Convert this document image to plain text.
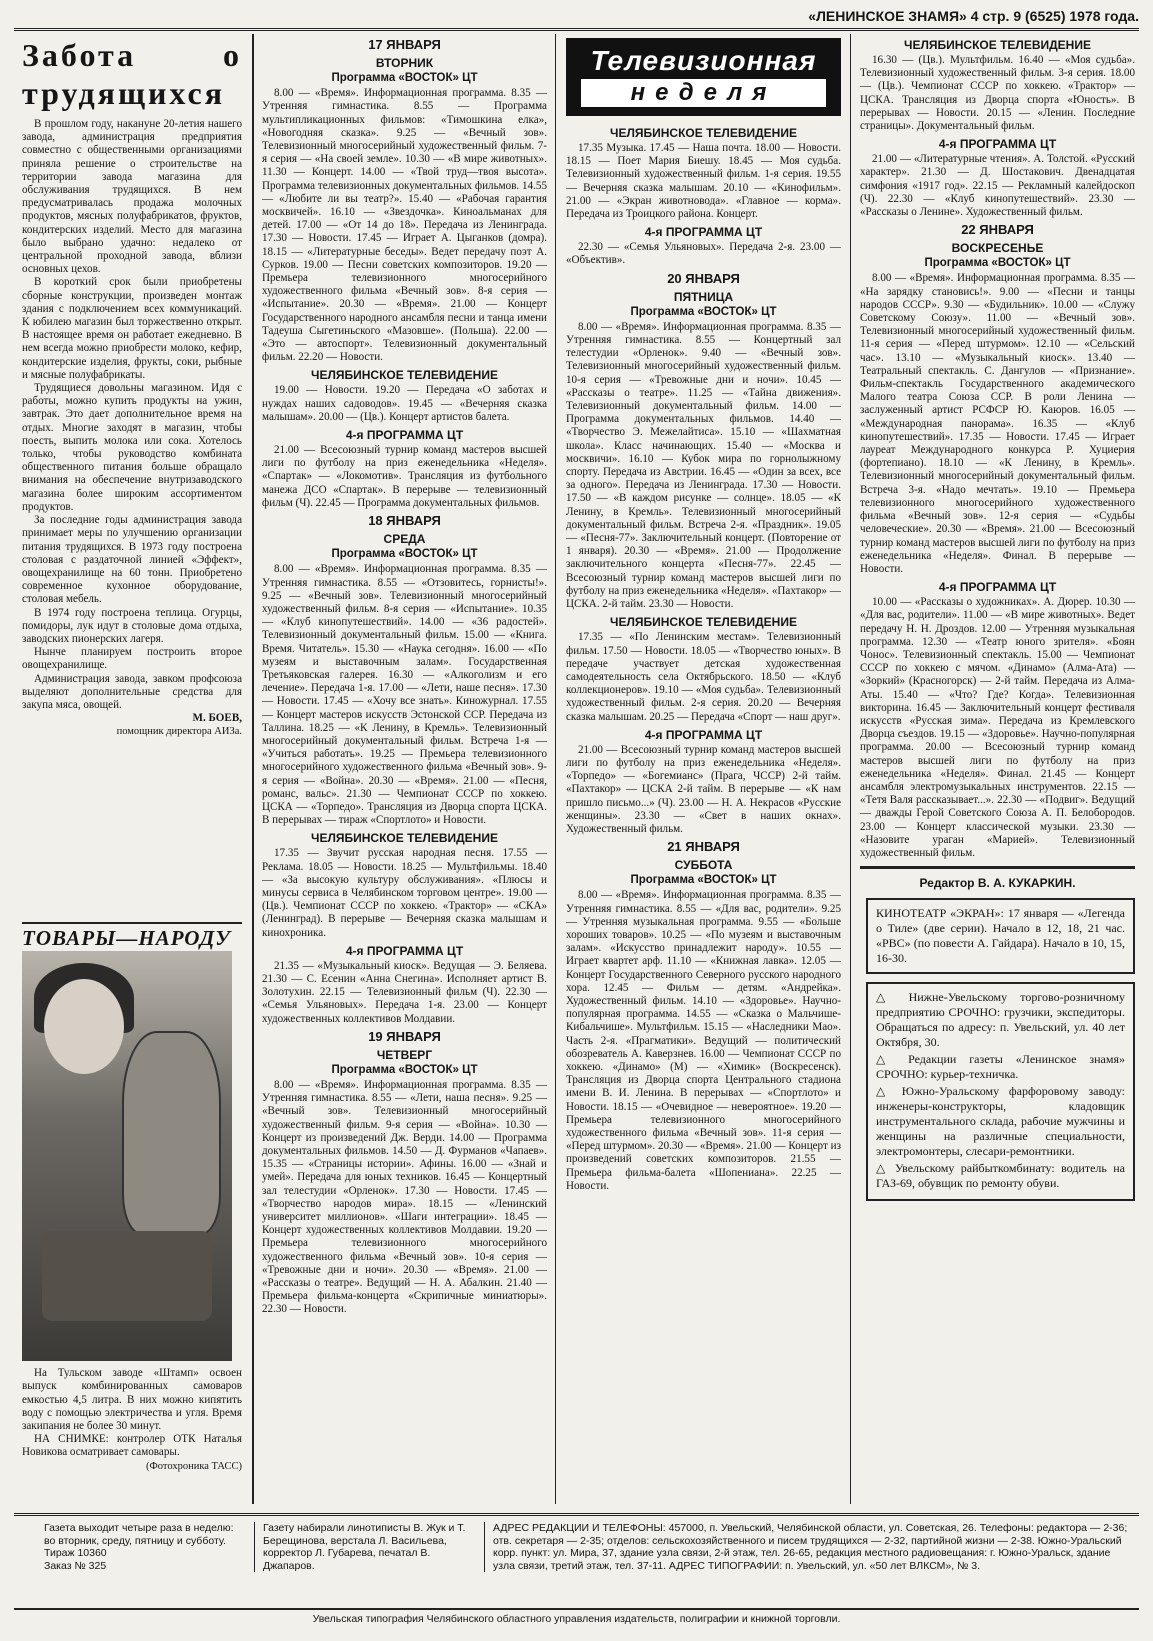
«ЛЕНИНСКОЕ ЗНАМЯ» 4 стр. 9 (6525) 1978 года.
Забота о трудящихся

В прошлом году, накануне 20-летия нашего завода, администрация предприятия совместно с общественными организациями приняла решение о строительстве на территории завода магазина для обслуживания трудящихся. В нем предусматривалась продажа молочных продуктов, мясных полуфабрикатов, фруктов, кондитерских изделий. Место для магазина было выбрано удачно: недалеко от центральной проходной завода, вблизи основных цехов.

В короткий срок были приобретены сборные конструкции, произведен монтаж здания с подключением всех коммуникаций. К юбилею магазин был торжественно открыт. В настоящее время он работает ежедневно. В нем всегда можно приобрести молоко, кефир, кондитерские изделия, фрукты, соки, рыбные и мясные полуфабрикаты.

Трудящиеся довольны магазином. Идя с работы, можно купить продукты на ужин, завтрак. Это дает дополнительное время на отдых. Многие заходят в магазин, чтобы поесть, выпить молока или сока. Хотелось только, чтобы руководство комбината общественного питания больше обращало внимания на обеспечение внутризаводского магазина более широким ассортиментом продуктов.

За последние годы администрация завода принимает меры по улучшению организации питания трудящихся. В 1973 году построена столовая с раздаточной линией «Эффект», овощехранилище на 60 тонн. Приобретено современное кухонное оборудование, столовая мебель.

В 1974 году построена теплица. Огурцы, помидоры, лук идут в столовые дома отдыха, заводских пионерских лагеря.

Нынче планируем построить второе овощехранилище.

Администрация завода, завком профсоюза выделяют дополнительные средства для закупа мяса, овощей.

М. БОЕВ,
помощник директора АИЗа.
ТОВАРЫ—НАРОДУ

На Тульском заводе «Штамп» освоен выпуск комбинированных самоваров емкостью 4,5 литра. В них можно кипятить воду с помощью электричества и угля. Время закипания не более 30 минут.

НА СНИМКЕ: контролер ОТК Наталья Новикова осматривает самовары.

(Фотохроника ТАСС)
17 ЯНВАРЯ
ВТОРНИК
Программа «ВОСТОК» ЦТ
8.00 — «Время». Информационная программа. 8.35 — Утренняя гимнастика. 8.55 — Программа мультипликационных фильмов: «Тимошкина елка», «Новогодняя сказка». 9.25 — «Вечный зов». Телевизионный многосерийный художественный фильм. 7-я серия — «На своей земле». 10.30 — «В мире животных». 11.30 — Концерт. 14.00 — «Твой труд—твоя высота». Программа телевизионных документальных фильмов. 14.55 — «Любите ли вы театр?». 15.40 — «Рабочая гарантия москвичей». 16.10 — «Звездочка». Киноальманах для детей. 17.00 — «От 14 до 18». Передача из Ленинграда. 17.30 — Новости. 17.45 — Играет А. Цыганков (домра). 18.15 — «Литературные беседы». Ведет передачу поэт А. Сурков. 19.00 — Песни советских композиторов. 19.20 — Премьера телевизионного многосерийного художественного фильма «Вечный зов». 8-я серия — «Испытание». 20.30 — «Время». 21.00 — Концерт Государственного народного ансамбля песни и танца имени Тадеуша Сыгетиньского «Мазовше». (Польша). 22.00 — «Это — автоспорт». Телевизионный документальный фильм. 22.20 — Новости.
ЧЕЛЯБИНСКОЕ ТЕЛЕВИДЕНИЕ
19.00 — Новости. 19.20 — Передача «О заботах и нуждах наших садоводов». 19.45 — «Вечерняя сказка малышам». 20.00 — (Цв.). Концерт артистов балета.
4-я ПРОГРАММА ЦТ
21.00 — Всесоюзный турнир команд мастеров высшей лиги по футболу на приз еженедельника «Неделя». «Спартак» — «Локомотив». Трансляция из футбольного манежа ДСО «Спартак». В перерыве — телевизионный фильм (Ч). 22.45 — Программа документальных фильмов.
18 ЯНВАРЯ
СРЕДА
Программа «ВОСТОК» ЦТ
8.00 — «Время». Информационная программа. 8.35 — Утренняя гимнастика. 8.55 — «Отзовитесь, горнисты!». 9.25 — «Вечный зов». Телевизионный многосерийный художественный фильм. 8-я серия — «Испытание». 10.35 — «Клуб кинопутешествий». 14.00 — «36 радостей». Телевизионный документальный фильм. 15.00 — «Книга. Время. Читатель». 15.30 — «Наука сегодня». 16.00 — «По музеям и выставочным залам». Государственная Третьяковская галерея. 16.30 — «Алкоголизм и его лечение». Передача 1-я. 17.00 — «Лети, наше песня». 17.30 — Новости. 17.45 — «Хочу все знать». Киножурнал. 17.55 — Концерт мастеров искусств Эстонской ССР. Передача из Таллина. 18.25 — «К Ленину, в Кремль». Телевизионный многосерийный документальный фильм. Встреча 1-я — «Учиться работать». 19.25 — Премьера телевизионного многосерийного художественного фильма «Вечный зов». 9-я серия — «Война». 20.30 — «Время». 21.00 — «Песня, романс, вальс». 21.30 — Чемпионат СССР по хоккею. ЦСКА — «Торпедо». Трансляция из Дворца спорта ЦСКА. В перерывах — тираж «Спортлото» и Новости.
ЧЕЛЯБИНСКОЕ ТЕЛЕВИДЕНИЕ
17.35 — Звучит русская народная песня. 17.55 — Реклама. 18.05 — Новости. 18.25 — Мультфильмы. 18.40 — «За высокую культуру обслуживания». «Плюсы и минусы сервиса в Челябинском торговом центре». 19.00 — (Цв.). Чемпионат СССР по хоккею. «Трактор» — «СКА» (Ленинград). В перерыве — Вечерняя сказка малышам и кинохроника.
4-я ПРОГРАММА ЦТ
21.35 — «Музыкальный киоск». Ведущая — Э. Беляева. 21.30 — С. Есенин «Анна Снегина». Исполняет артист В. Золотухин. 22.15 — Телевизионный фильм (Ч). 22.30 — «Семья Ульяновых». Передача 1-я. 23.00 — Концерт художественных коллективов Молдавии.
19 ЯНВАРЯ
ЧЕТВЕРГ
Программа «ВОСТОК» ЦТ
8.00 — «Время». Информационная программа. 8.35 — Утренняя гимнастика. 8.55 — «Лети, наша песня». 9.25 — «Вечный зов». Телевизионный многосерийный художественный фильм. 9-я серия — «Война». 10.30 — Концерт из произведений Дж. Верди. 14.00 — Программа документальных фильмов. 14.50 — Д. Фурманов «Чапаев». 15.35 — «Страницы истории». Афины. 16.00 — «Знай и умей». Передача для юных техников. 16.45 — Концертный зал телестудии «Орленок». 17.30 — Новости. 17.45 — «Творчество народов мира». 18.15 — «Ленинский университет миллионов». «Шаги интеграции». 18.45 — Концерт художественных коллективов Молдавии. 19.20 — Премьера телевизионного многосерийного художественного фильма «Вечный зов». 10-я серия — «Тревожные дни и ночи». 20.30 — «Время». 21.00 — «Рассказы о театре». Ведущий — Н. А. Абалкин. 21.40 — Премьера фильма-концерта «Скрипичные миниатюры». 22.30 — Новости.
Телевизионная
неделя
ЧЕЛЯБИНСКОЕ ТЕЛЕВИДЕНИЕ
17.35 Музыка. 17.45 — Наша почта. 18.00 — Новости. 18.15 — Поет Мария Биешу. 18.45 — Моя судьба. Телевизионный художественный фильм. 1-я серия. 19.55 — Вечерняя сказка малышам. 20.10 — «Кинофильм». 21.00 — «Экран животновода». «Главное — корма». Передача из Троицкого района. Концерт.
4-я ПРОГРАММА ЦТ
22.30 — «Семья Ульяновых». Передача 2-я. 23.00 — «Объектив».
20 ЯНВАРЯ
ПЯТНИЦА
Программа «ВОСТОК» ЦТ
8.00 — «Время». Информационная программа. 8.35 — Утренняя гимнастика. 8.55 — Концертный зал телестудии «Орленок». 9.40 — «Вечный зов». Телевизионный многосерийный художественный фильм. 10-я серия — «Тревожные дни и ночи». 10.45 — «Рассказы о театре». 11.25 — «Тайна движения». Телевизионный документальный фильм. 14.00 — Программа документальных фильмов. 14.40 — «Творчество Э. Межелайтиса». 15.10 — «Шахматная школа». Класс начинающих. 15.40 — «Москва и москвичи». 16.10 — Кубок мира по горнолыжному спорту. Передача из Австрии. 16.45 — «Один за всех, все за одного». Передача из Ленинграда. 17.30 — Новости. 17.50 — «В каждом рисунке — солнце». 18.05 — «К Ленину, в Кремль». Телевизионный многосерийный документальный фильм. Встреча 2-я. «Праздник». 19.05 — «Песня-77». Заключительный концерт. (Повторение от 1 января). 20.30 — «Время». 21.00 — Продолжение заключительного концерта «Песня-77». 22.45 — Всесоюзный турнир команд мастеров высшей лиги по футболу на приз еженедельника «Неделя». «Пахтакор» — ЦСКА. 2-й тайм. 23.30 — Новости.
ЧЕЛЯБИНСКОЕ ТЕЛЕВИДЕНИЕ
17.35 — «По Ленинским местам». Телевизионный фильм. 17.50 — Новости. 18.05 — «Творчество юных». В передаче участвует детская художественная самодеятельность села Октябрьского. 18.50 — «Клуб коллекционеров». 19.10 — «Моя судьба». Телевизионный художественный фильм. 2-я серия. 20.20 — Вечерняя сказка малышам. 20.25 — Передача «Спорт — наш друг».
4-я ПРОГРАММА ЦТ
21.00 — Всесоюзный турнир команд мастеров высшей лиги по футболу на приз еженедельника «Неделя». «Торпедо» — «Богемианс» (Прага, ЧССР) 2-й тайм. «Пахтакор» — ЦСКА 2-й тайм. В перерыве — «К нам пришло письмо...» (Ч). 23.00 — Н. А. Некрасов «Русские женщины». 23.30 — «Свет в наших окнах». Художественный фильм.
21 ЯНВАРЯ
СУББОТА
Программа «ВОСТОК» ЦТ
8.00 — «Время». Информационная программа. 8.35 — Утренняя гимнастика. 8.55 — «Для вас, родители». 9.25 — Утренняя музыкальная программа. 9.55 — «Больше хороших товаров». 10.25 — «По музеям и выставочным залам». «Искусство принадлежит народу». 10.55 — Играет квартет арф. 11.10 — «Книжная лавка». 12.05 — Концерт Государственного Северного русского народного хора. 12.45 — Фильм — детям. «Андрейка». Художественный фильм. 14.10 — «Здоровье». Научно-популярная программа. 14.55 — «Сказка о Мальчише-Кибальчише». Мультфильм. 15.15 — «Наследники Мао». Часть 2-я. «Прагматики». Ведущий — политический обозреватель А. Каверзнев. 16.00 — Чемпионат СССР по хоккею. «Динамо» (М) — «Химик» (Воскресенск). Трансляция из Дворца спорта Центрального стадиона имени В. И. Ленина. В перерывах — «Спортлото» и Новости. 18.15 — «Очевидное — невероятное». 19.20 — Премьера телевизионного многосерийного художественного фильма «Вечный зов». 11-я серия — «Перед штурмом». 20.30 — «Время». 21.00 — Концерт из произведений советских композиторов. 21.55 — Премьера фильма-балета «Шопениана». 22.25 — Новости.
ЧЕЛЯБИНСКОЕ ТЕЛЕВИДЕНИЕ
16.30 — (Цв.). Мультфильм. 16.40 — «Моя судьба». Телевизионный художественный фильм. 3-я серия. 18.00 — (Цв.). Чемпионат СССР по хоккею. «Трактор» — ЦСКА. Трансляция из Дворца спорта «Юность». В перерывах — Новости. 20.15 — «Ленин. Последние страницы». Документальный фильм.
4-я ПРОГРАММА ЦТ
21.00 — «Литературные чтения». А. Толстой. «Русский характер». 21.30 — Д. Шостакович. Двенадцатая симфония «1917 год». 22.15 — Рекламный калейдоскоп (Ч). 22.30 — «Клуб кинопутешествий». 23.30 — «Рассказы о Ленине». Художественный фильм.
22 ЯНВАРЯ
ВОСКРЕСЕНЬЕ
Программа «ВОСТОК» ЦТ
8.00 — «Время». Информационная программа. 8.35 — «На зарядку становись!». 9.00 — «Песни и танцы народов СССР». 9.30 — «Будильник». 10.00 — «Служу Советскому Союзу». 11.00 — «Вечный зов». Телевизионный многосерийный художественный фильм. 11-я серия — «Перед штурмом». 12.10 — «Сельский час». 13.10 — «Музыкальный киоск». 13.40 — Театральный спектакль. С. Дангулов — «Признание». Фильм-спектакль Государственного академического Малого театра Союза ССР. В роли Ленина — заслуженный артист РСФСР Ю. Каюров. 16.05 — «Международная панорама». 16.35 — «Клуб кинопутешествий». 17.35 — Новости. 17.45 — Играет лауреат Международного конкурса Р. Хуциерия (фортепиано). 18.10 — «К Ленину, в Кремль». Телевизионный многосерийный документальный фильм. Встреча 3-я. «Надо мечтать». 19.10 — Премьера телевизионного многосерийного художественного фильма «Вечный зов». 12-я серия — «Судьбы человеческие». 20.30 — «Время». 21.00 — Всесоюзный турнир команд мастеров высшей лиги по футболу на приз еженедельника «Неделя». Финал. В перерыве — Новости.
4-я ПРОГРАММА ЦТ
10.00 — «Рассказы о художниках». А. Дюрер. 10.30 — «Для вас, родители». 11.00 — «В мире животных». Ведет передачу Н. Н. Дроздов. 12.00 — Утренняя музыкальная программа. 12.30 — «Театр юного зрителя». «Боян Чонос». Телевизионный спектакль. 15.00 — Чемпионат СССР по хоккею с мячом. «Динамо» (Алма-Ата) — «Зоркий» (Красногорск) — 2-й тайм. Передача из Алма-Аты. 15.40 — «Что? Где? Когда». Телевизионная викторина. 16.45 — Заключительный концерт фестиваля искусств «Русская зима». Передача из Кремлевского Дворца съездов. 19.15 — «Здоровье». Научно-популярная программа. 20.00 — Всесоюзный турнир команд мастеров высшей лиги по футболу на приз еженедельника «Неделя». Финал. 21.45 — Концерт ансамбля электромузыкальных инструментов. 22.15 — «Тетя Валя рассказывает...». 22.30 — «Подвиг». Ведущий — дважды Герой Советского Союза А. П. Белобородов. 23.00 — Концерт классической музыки. 23.30 — «Назовите ураган «Марией». Телевизионный художественный фильм.
Редактор В. А. КУКАРКИН.
КИНОТЕАТР «ЭКРАН»: 17 января — «Легенда о Тиле» (две серии). Начало в 12, 18, 21 час. «РВС» (по повести А. Гайдара). Начало в 10, 15, 16-30.

△ Нижне-Увельскому торгово-розничному предприятию СРОЧНО: грузчики, экспедиторы. Обращаться по адресу: п. Увельский, ул. 40 лет Октября, 30.

△ Редакции газеты «Ленинское знамя» СРОЧНО: курьер-техничка.

△ Южно-Уральскому фарфоровому заводу: инженеры-конструкторы, кладовщик инструментального склада, рабочие мужчины и женщины на различные специальности, электромонтеры, слесари-ремонтники.

△ Увельскому райбыткомбинату: водитель на ГАЗ-69, обувщик по ремонту обуви.

Газета выходит четыре раза в неделю: во вторник, среду, пятницу и субботу.
Тираж 10360
Заказ № 325
Газету набирали линотиписты В. Жук и Т. Берещинова, верстала Л. Васильева, корректор Л. Губарева, печатал В. Джапаров.
АДРЕС РЕДАКЦИИ И ТЕЛЕФОНЫ: 457000, п. Увельский, Челябинской области, ул. Советская, 26. Телефоны: редактора — 2-36; отв. секретаря — 2-35; отделов: сельскохозяйственного и писем трудящихся — 2-32, партийной жизни — 2-38. Южно-Уральский корр. пункт: ул. Мира, 37, здание узла связи, 2-й этаж, тел. 26-65, редакция местного радиовещания: г. Южно-Уральск, здание узла связи, третий этаж, тел. 37-11. АДРЕС ТИПОГРАФИИ: п. Увельский, ул. «50 лет ВЛКСМ», № 3.
Увельская типография Челябинского областного управления издательств, полиграфии и книжной торговли.
